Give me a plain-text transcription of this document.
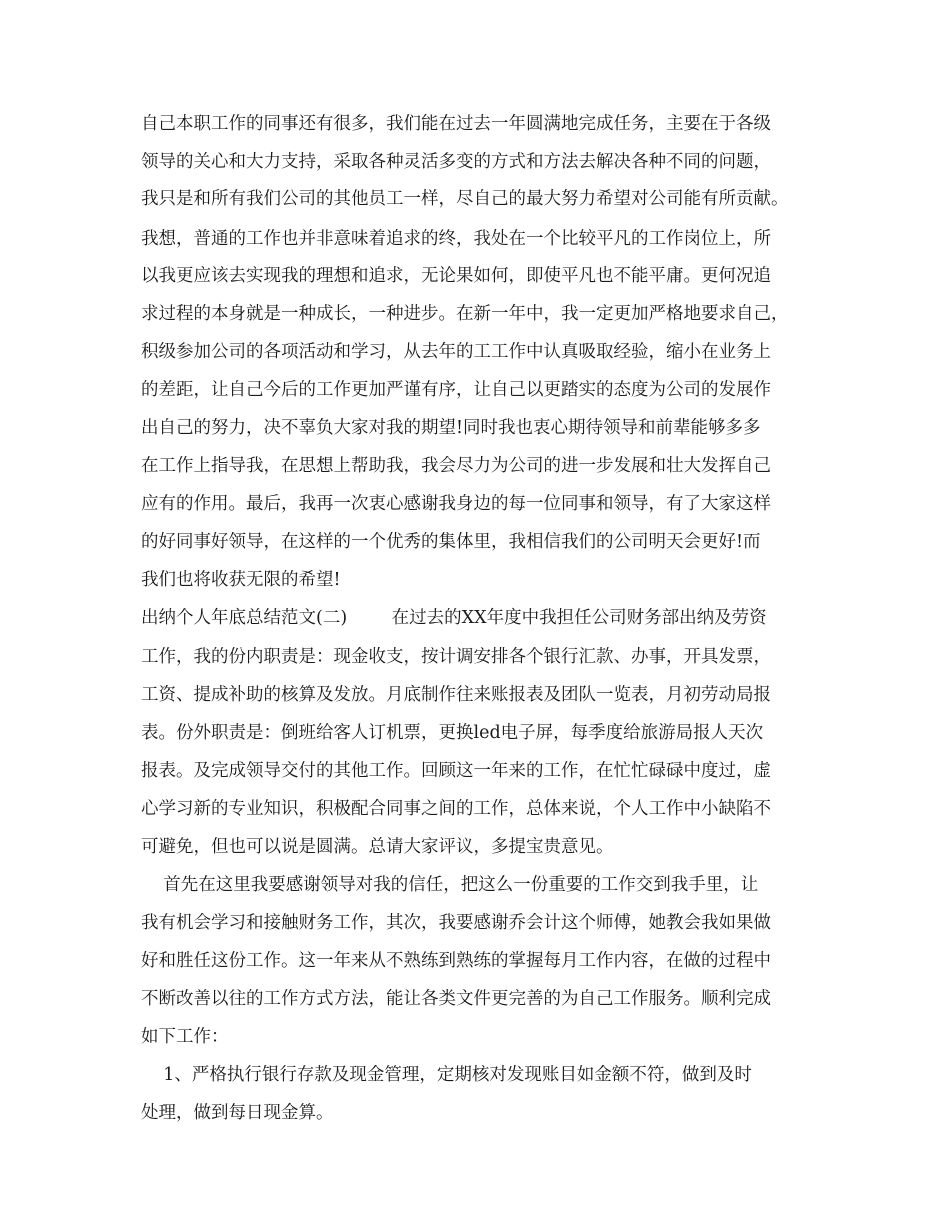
自己本职工作的同事还有很多，我们能在过去一年圆满地完成任务，主要在于各级
领导的关心和大力支持，采取各种灵活多变的方式和方法去解决各种不同的问题，
我只是和所有我们公司的其他员工一样，尽自己的最大努力希望对公司能有所贡献。
我想，普通的工作也并非意味着追求的终，我处在一个比较平凡的工作岗位上，所
以我更应该去实现我的理想和追求，无论果如何，即使平凡也不能平庸。更何况追
求过程的本身就是一种成长，一种进步。在新一年中，我一定更加严格地要求自己，
积级参加公司的各项活动和学习，从去年的工工作中认真吸取经验，缩小在业务上
的差距，让自己今后的工作更加严谨有序，让自己以更踏实的态度为公司的发展作
出自己的努力，决不辜负大家对我的期望!同时我也衷心期待领导和前辈能够多多
在工作上指导我，在思想上帮助我，我会尽力为公司的进一步发展和壮大发挥自己
应有的作用。最后，我再一次衷心感谢我身边的每一位同事和领导，有了大家这样
的好同事好领导，在这样的一个优秀的集体里，我相信我们的公司明天会更好!而
我们也将收获无限的希望!
出纳个人年底总结范文(二)        在过去的XX年度中我担任公司财务部出纳及劳资
工作，我的份内职责是：现金收支，按计调安排各个银行汇款、办事，开具发票，
工资、提成补助的核算及发放。月底制作往来账报表及团队一览表，月初劳动局报
表。份外职责是：倒班给客人订机票，更换led电子屏，每季度给旅游局报人天次
报表。及完成领导交付的其他工作。回顾这一年来的工作，在忙忙碌碌中度过，虚
心学习新的专业知识，积极配合同事之间的工作，总体来说，个人工作中小缺陷不
可避免，但也可以说是圆满。总请大家评议，多提宝贵意见。
首先在这里我要感谢领导对我的信任，把这么一份重要的工作交到我手里，让
我有机会学习和接触财务工作，其次，我要感谢乔会计这个师傅，她教会我如果做
好和胜任这份工作。这一年来从不熟练到熟练的掌握每月工作内容，在做的过程中
不断改善以往的工作方式方法，能让各类文件更完善的为自己工作服务。顺利完成
如下工作：
1、严格执行银行存款及现金管理，定期核对发现账目如金额不符，做到及时
处理，做到每日现金算。
